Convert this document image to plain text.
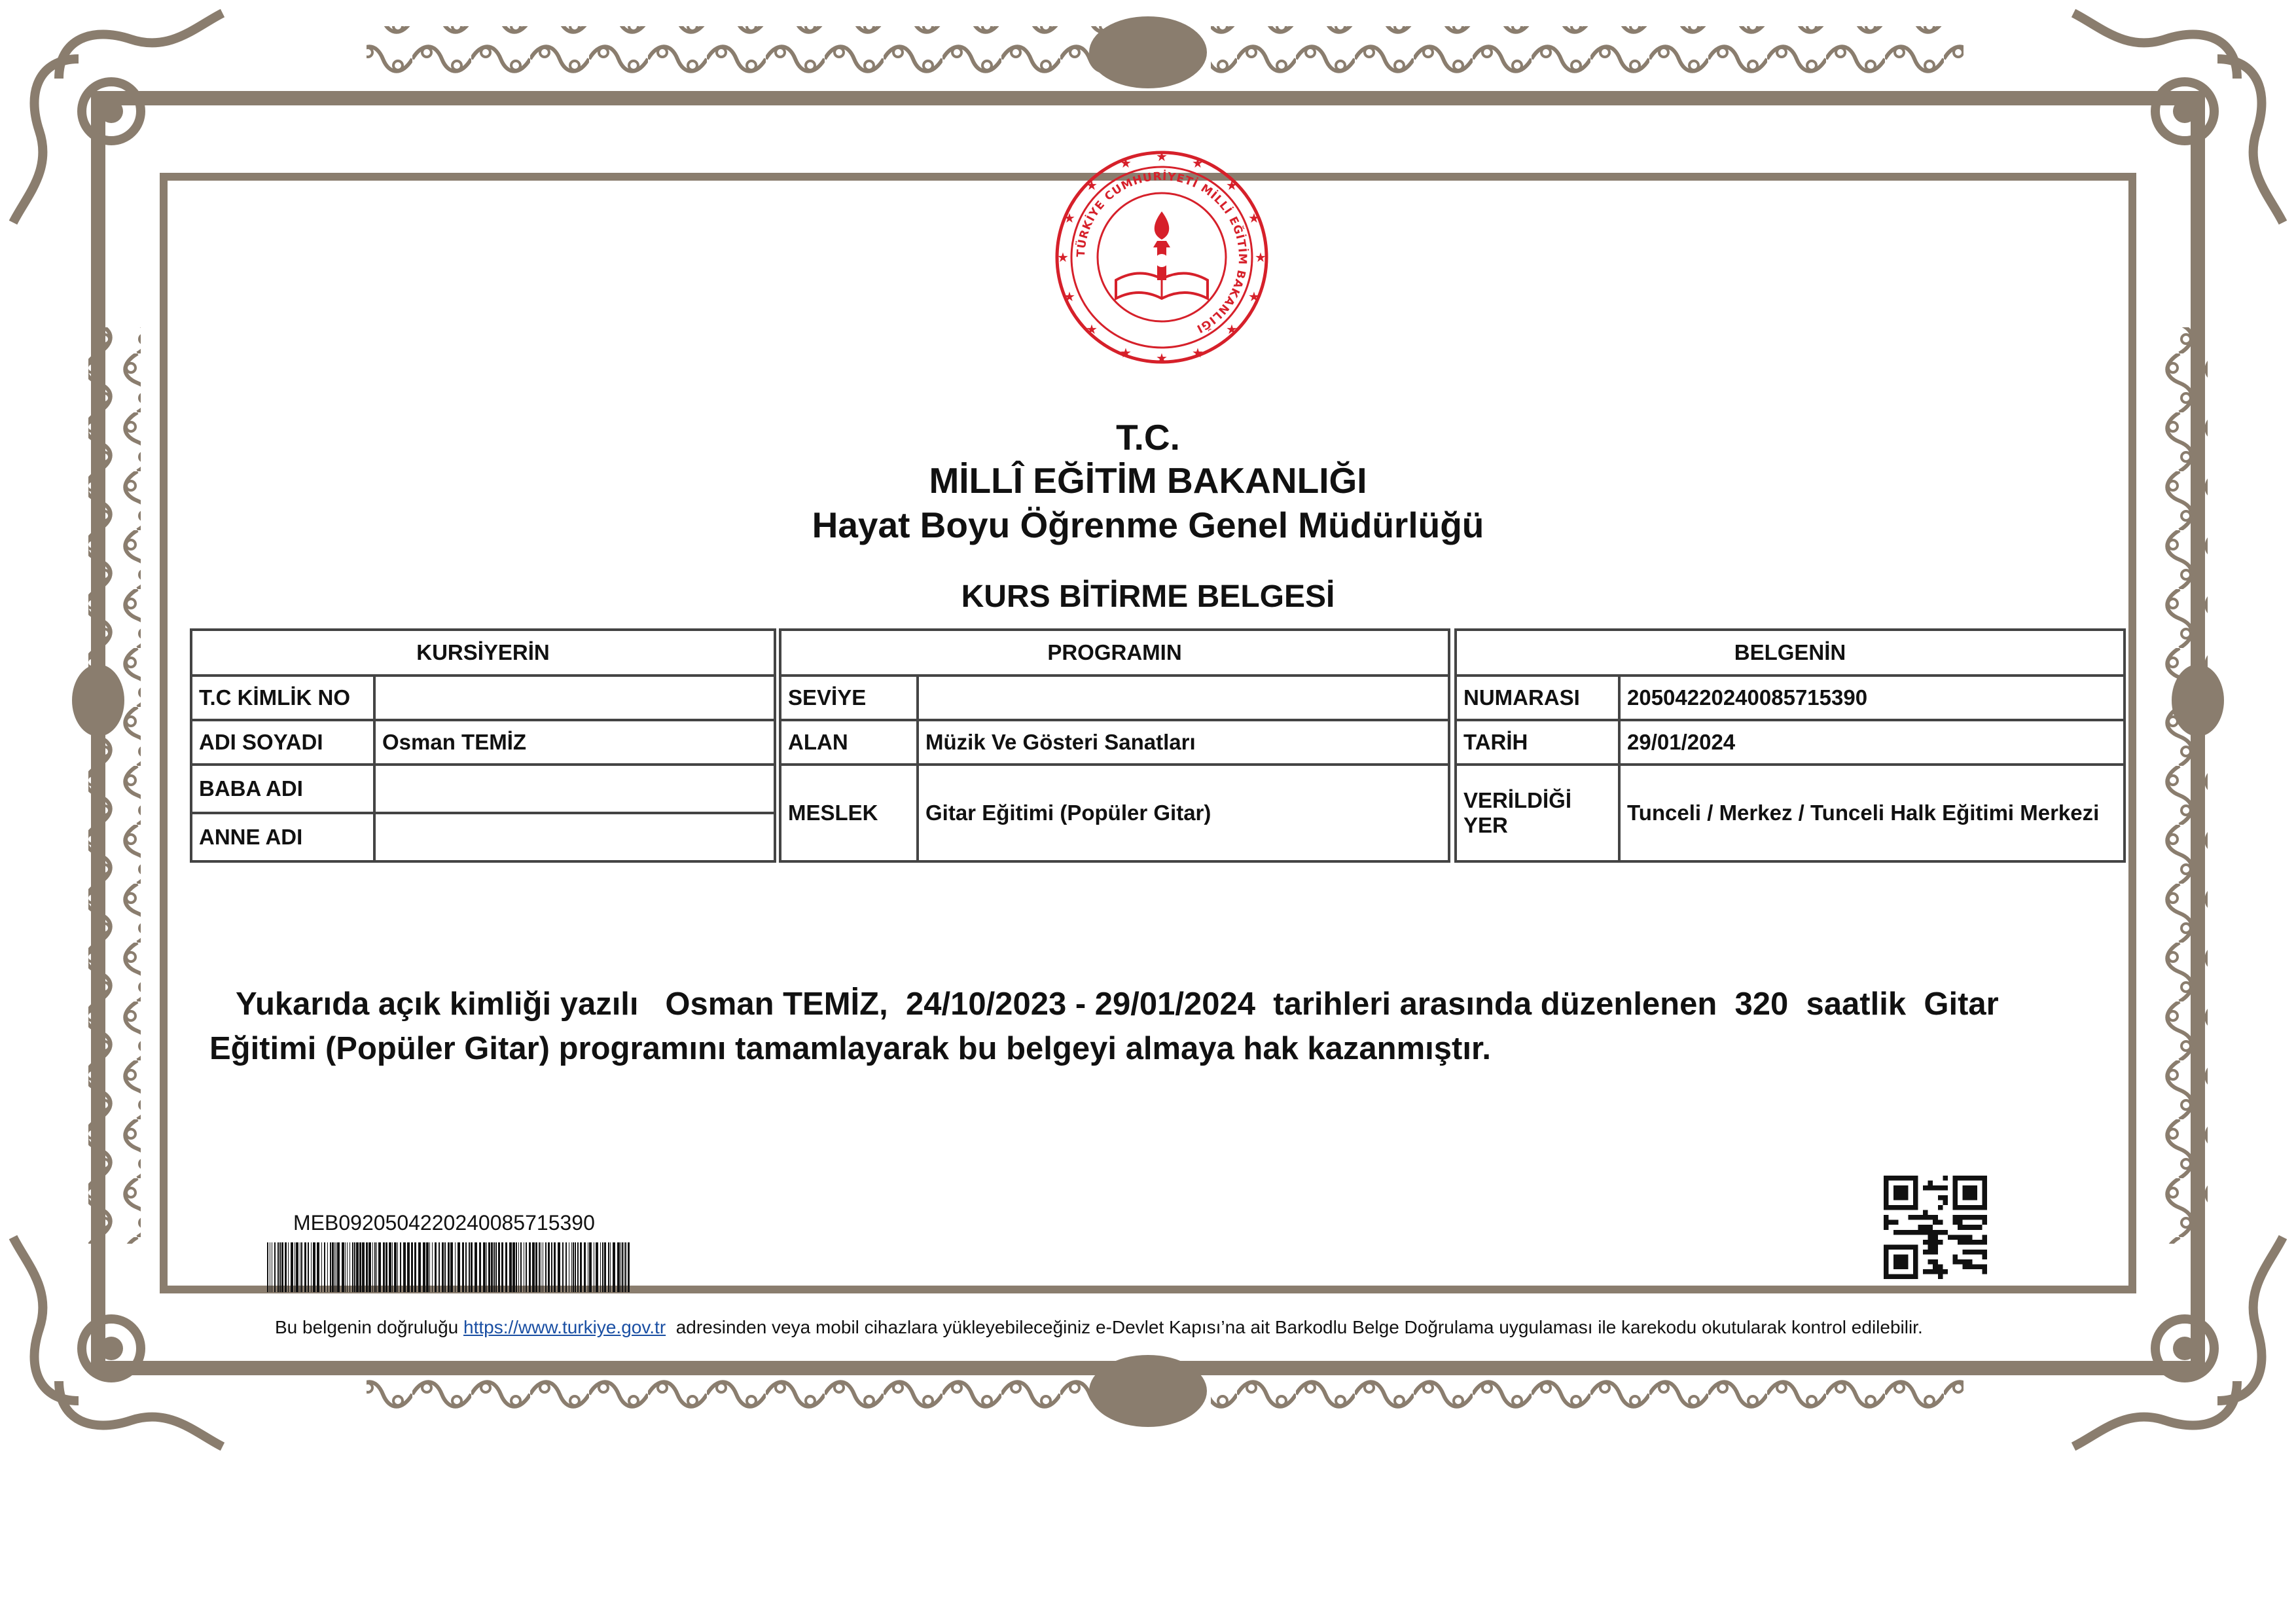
★
★
★	★
★	★
★	★
★	★
★	★
★	★
★	★
TÜRKİYE CUMHURİYETİ MİLLİ EĞİTİM BAKANLIĞI
T.C.
MİLLÎ EĞİTİM BAKANLIĞI
Hayat Boyu Öğrenme Genel Müdürlüğü
KURS BİTİRME BELGESİ
KURSİYERİN	
T.C KİMLİK NO	
ADI SOYADI	Osman TEMİZ
BABA ADI	
ANNE ADI	
PROGRAMIN	
SEVİYE	
ALAN	Müzik Ve Gösteri Sanatları
MESLEK	Gitar Eğitimi (Popüler Gitar)
BELGENİN	
NUMARASI	20504220240085715390
TARİH	29/01/2024
VERİLDİĞİ YER	Tunceli / Merkez / Tunceli Halk Eğitimi Merkezi
Yukarıda açık kimliği yazılı Osman TEMİZ, 24/10/2023 - 29/01/2024 tarihleri arasında düzenlenen 320 saatlik Gitar Eğitimi (Popüler Gitar) programını tamamlayarak bu belgeyi almaya hak kazanmıştır.
MEB0920504220240085715390
Bu belgenin doğruluğu https://www.turkiye.gov.tr adresinden veya mobil cihazlara yükleyebileceğiniz e-Devlet Kapısı’na ait Barkodlu Belge Doğrulama uygulaması ile karekodu okutularak kontrol edilebilir.
